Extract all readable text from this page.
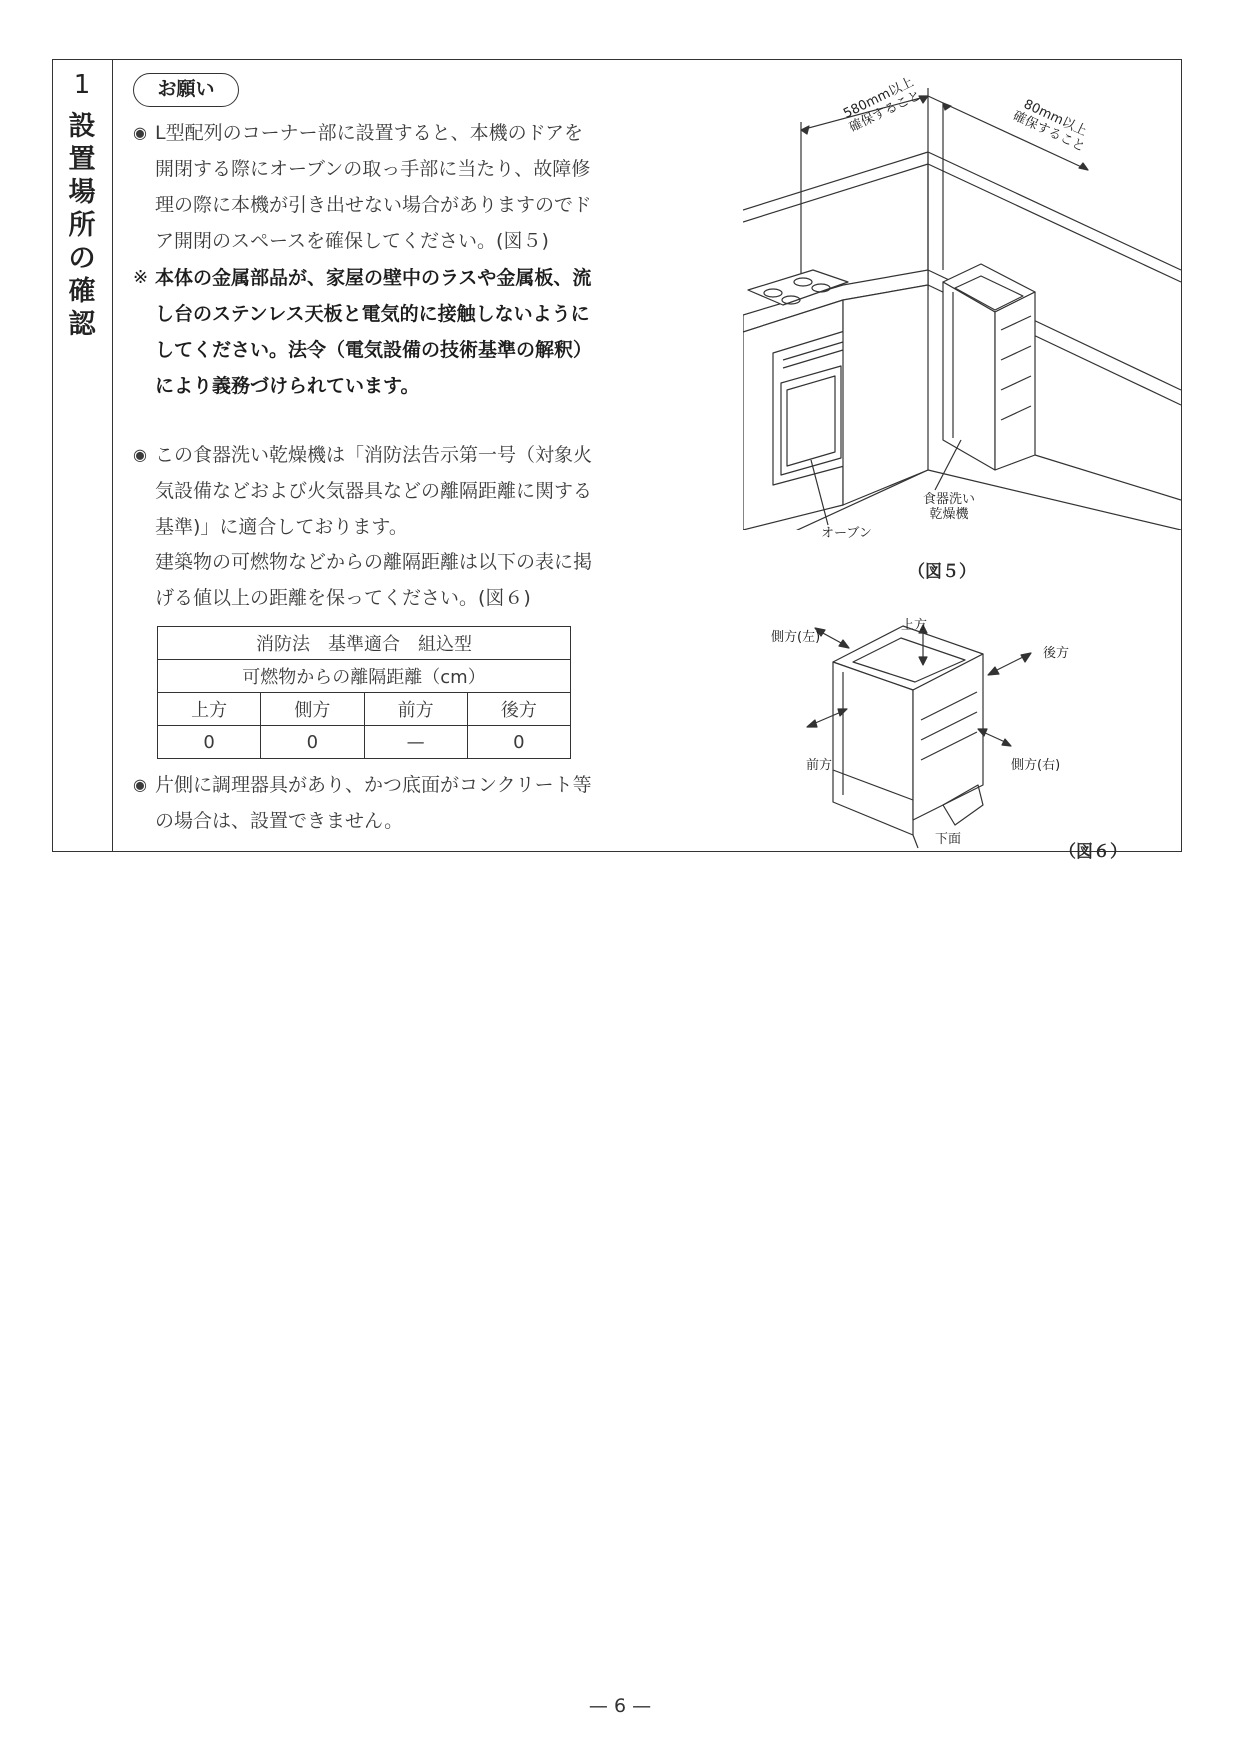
1
設置場所の確認
お願い
◉ L型配列のコーナー部に設置すると、本機のドアを
開閉する際にオーブンの取っ手部に当たり、故障修
理の際に本機が引き出せない場合がありますのでド
ア開閉のスペースを確保してください。(図５)
※ 本体の金属部品が、家屋の壁中のラスや金属板、流
し台のステンレス天板と電気的に接触しないように
してください。法令（電気設備の技術基準の解釈）
により義務づけられています。
◉ この食器洗い乾燥機は「消防法告示第一号（対象火
気設備などおよび火気器具などの離隔距離に関する
基準)」に適合しております。
建築物の可燃物などからの離隔距離は以下の表に掲
げる値以上の距離を保ってください。(図６)
消防法　基準適合　組込型			
可燃物からの離隔距離（cm）			
上方	側方	前方	後方
0	0	—	0
◉ 片側に調理器具があり、かつ底面がコンクリート等
の場合は、設置できません。
580mm以上
確保すること	80mm以上
確保すること
オーブン
食器洗い
乾燥機
（図５）
側方(左)
上方
後方
前方	側方(右)
下面
（図６）
— 6 —
